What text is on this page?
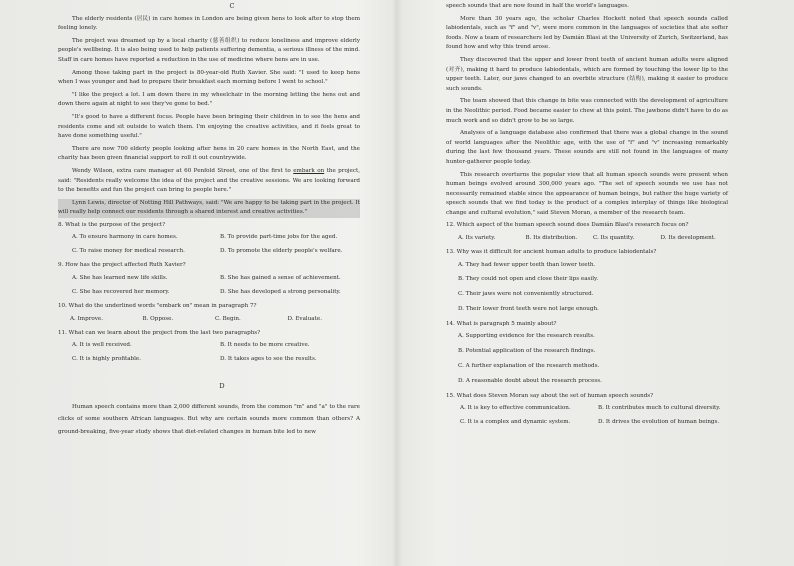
C

The elderly residents (居民) in care homes in London are being given hens to look after to stop them feeling lonely.

The project was dreamed up by a local charity (慈善组织) to reduce loneliness and improve elderly people's wellbeing. It is also being used to help patients suffering dementia, a serious illness of the mind. Staff in care homes have reported a reduction in the use of medicine where hens are in use.

Among those taking part in the project is 80-year-old Ruth Xavier. She said: "I used to keep hens when I was younger and had to prepare their breakfast each morning before I went to school."

"I like the project a lot. I am down there in my wheelchair in the morning letting the hens out and down there again at night to see they've gone to bed."

"It's good to have a different focus. People have been bringing their children in to see the hens and residents come and sit outside to watch them. I'm enjoying the creative activities, and it feels great to have done something useful."

There are now 700 elderly people looking after hens in 20 care homes in the North East, and the charity has been given financial support to roll it out countrywide.

Wendy Wilson, extra care manager at 60 Penfold Street, one of the first to embark on the project, said: "Residents really welcome the idea of the project and the creative sessions. We are looking forward to the benefits and fun the project can bring to people here."

Lynn Lewis, director of Notting Hill Pathways, said: "We are happy to be taking part in the project. It will really help connect our residents through a shared interest and creative activities."

8. What is the purpose of the project?
A. To ensure harmony in care homes.	B. To provide part-time jobs for the aged.
C. To raise money for medical research.	D. To promote the elderly people's welfare.
9. How has the project affected Ruth Xavier?
A. She has learned new life skills.	B. She has gained a sense of achievement.
C. She has recovered her memory.	D. She has developed a strong personality.
10. What do the underlined words "embark on" mean in paragraph 7?
A. Improve.	B. Oppose.	C. Begin.	D. Evaluate.
11. What can we learn about the project from the last two paragraphs?
A. It is well received.	B. It needs to be more creative.
C. It is highly profitable.	D. It takes ages to see the results.

D

Human speech contains more than 2,000 different sounds, from the common "m" and "a" to the rare clicks of some southern African languages. But why are certain sounds more common than others? A ground-breaking, five-year study shows that diet-related changes in human bite led to new

speech sounds that are now found in half the world's languages.

More than 30 years ago, the scholar Charles Hockett noted that speech sounds called labiodentals, such as "f" and "v", were more common in the languages of societies that ate softer foods. Now a team of researchers led by Damián Blasi at the University of Zurich, Switzerland, has found how and why this trend arose.

They discovered that the upper and lower front teeth of ancient human adults were aligned (对齐), making it hard to produce labiodentals, which are formed by touching the lower lip to the upper teeth. Later, our jaws changed to an overbite structure (结构), making it easier to produce such sounds.

The team showed that this change in bite was connected with the development of agriculture in the Neolithic period. Food became easier to chew at this point. The jawbone didn't have to do as much work and so didn't grow to be so large.

Analyses of a language database also confirmed that there was a global change in the sound of world languages after the Neolithic age, with the use of "f" and "v" increasing remarkably during the last few thousand years. These sounds are still not found in the languages of many hunter-gatherer people today.

This research overturns the popular view that all human speech sounds were present when human beings evolved around 300,000 years ago. "The set of speech sounds we use has not necessarily remained stable since the appearance of human beings, but rather the huge variety of speech sounds that we find today is the product of a complex interplay of things like biological change and cultural evolution," said Steven Moran, a member of the research team.

12. Which aspect of the human speech sound does Damián Blasi's research focus on?
A. Its variety.	B. Its distribution.	C. Its quantity.	D. Its development.
13. Why was it difficult for ancient human adults to produce labiodentals?
A. They had fewer upper teeth than lower teeth.
B. They could not open and close their lips easily.
C. Their jaws were not conveniently structured.
D. Their lower front teeth were not large enough.
14. What is paragraph 5 mainly about?
A. Supporting evidence for the research results.
B. Potential application of the research findings.
C. A further explanation of the research methods.
D. A reasonable doubt about the research process.
15. What does Steven Moran say about the set of human speech sounds?
A. It is key to effective communication.	B. It contributes much to cultural diversity.
C. It is a complex and dynamic system.	D. It drives the evolution of human beings.
